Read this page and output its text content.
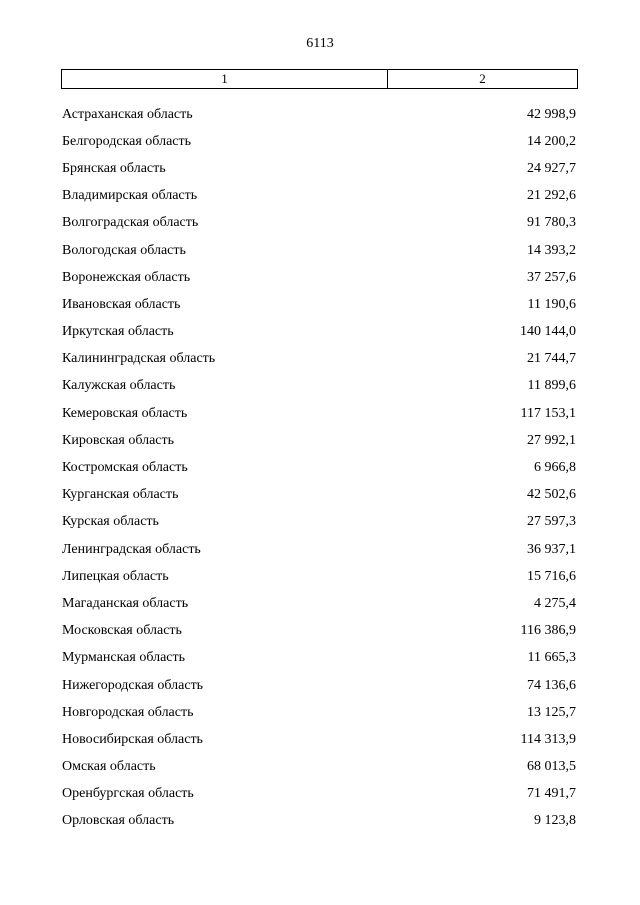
6113
1	2
Астраханская область	42 998,9
Белгородская область	14 200,2
Брянская область	24 927,7
Владимирская область	21 292,6
Волгоградская область	91 780,3
Вологодская область	14 393,2
Воронежская область	37 257,6
Ивановская область	11 190,6
Иркутская область	140 144,0
Калининградская область	21 744,7
Калужская область	11 899,6
Кемеровская область	117 153,1
Кировская область	27 992,1
Костромская область	6 966,8
Курганская область	42 502,6
Курская область	27 597,3
Ленинградская область	36 937,1
Липецкая область	15 716,6
Магаданская область	4 275,4
Московская область	116 386,9
Мурманская область	11 665,3
Нижегородская область	74 136,6
Новгородская область	13 125,7
Новосибирская область	114 313,9
Омская область	68 013,5
Оренбургская область	71 491,7
Орловская область	9 123,8
